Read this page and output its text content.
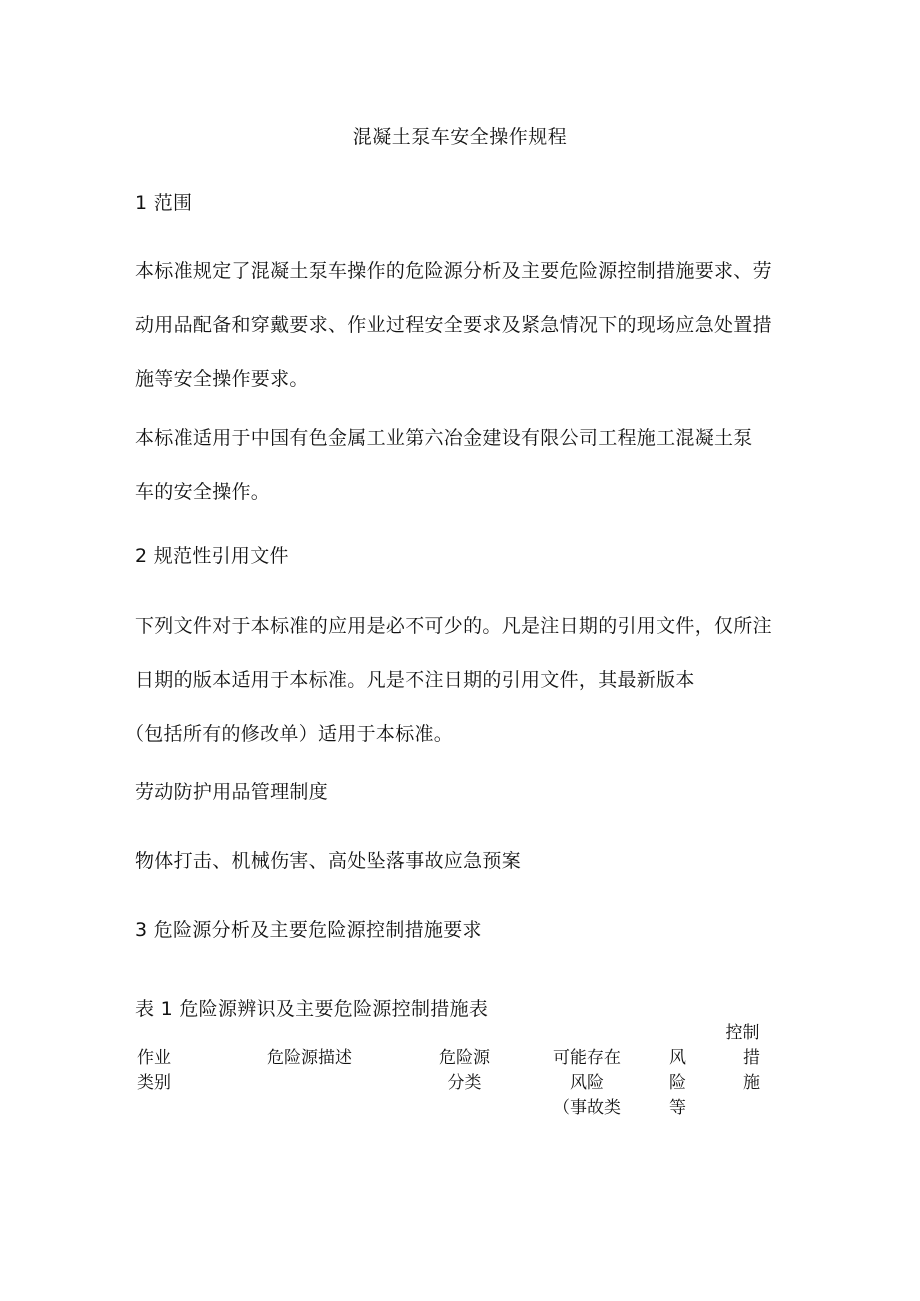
混凝土泵车安全操作规程
1 范围
本标准规定了混凝土泵车操作的危险源分析及主要危险源控制措施要求、劳
动用品配备和穿戴要求、作业过程安全要求及紧急情况下的现场应急处置措
施等安全操作要求。
本标准适用于中国有色金属工业第六冶金建设有限公司工程施工混凝土泵
车的安全操作。
2 规范性引用文件
下列文件对于本标准的应用是必不可少的。凡是注日期的引用文件，仅所注
日期的版本适用于本标准。凡是不注日期的引用文件，其最新版本
（包括所有的修改单）适用于本标准。
劳动防护用品管理制度
物体打击、机械伤害、高处坠落事故应急预案
3 危险源分析及主要危险源控制措施要求
表 1 危险源辨识及主要危险源控制措施表
作业
类别
危险源描述	危险源
分类
可能存在
风险
（事故类
风
险
等
控制
措
施
